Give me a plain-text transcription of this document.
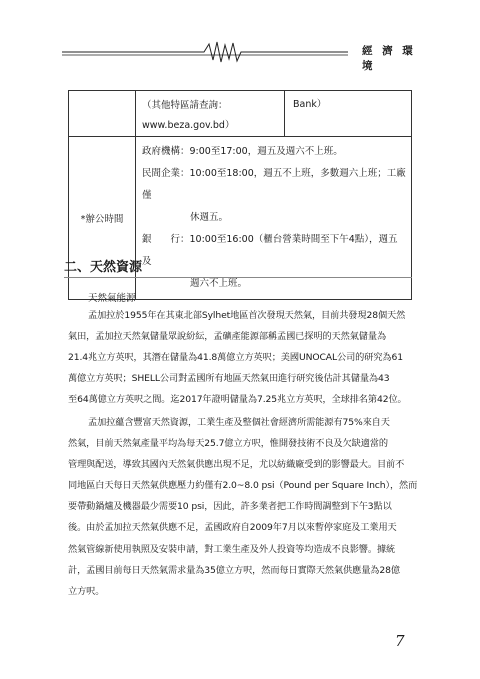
經 濟 環 境
	（其他特區請查詢：
www.beza.gov.bd）	Bank）
*辦公時間	政府機構：9:00至17:00，週五及週六不上班。
民間企業：10:00至18:00，週五不上班，多數週六上班；工廠僅
休週五。
銀　　行：10:00至16:00（櫃台營業時間至下午4點），週五及
週六不上班。	
二、天然資源
天然氣能源
孟加拉於1955年在其東北部Sylhet地區首次發現天然氣，目前共發現28個天然
氣田，孟加拉天然氣儲量眾說紛紜，孟礦產能源部稱孟國已探明的天然氣儲量為
21.4兆立方英呎，其潛在儲量為41.8萬億立方英呎；美國UNOCAL公司的研究為61
萬億立方英呎；SHELL公司對孟國所有地區天然氣田進行研究後估計其儲量為43
至64萬億立方英呎之間。迄2017年證明儲量為7.25兆立方英呎，全球排名第42位。
孟加拉蘊含豐富天然資源，工業生產及整個社會經濟所需能源有75%來自天
然氣，目前天然氣產量平均為每天25.7億立方呎，惟開發技術不良及欠缺適當的
管理與配送，導致其國內天然氣供應出現不足，尤以紡織廠受到的影響最大。目前不
同地區白天每日天然氣供應壓力約僅有2.0~8.0 psi（Pound per Square Inch），然而
要帶動鍋爐及機器最少需要10 psi，因此，許多業者把工作時間調整到下午3點以
後。由於孟加拉天然氣供應不足，孟國政府自2009年7月以來暫停家庭及工業用天
然氣管線新使用執照及安裝申請，對工業生產及外人投資等均造成不良影響。據統
計，孟國目前每日天然氣需求量為35億立方呎，然而每日實際天然氣供應量為28億
立方呎。
7
